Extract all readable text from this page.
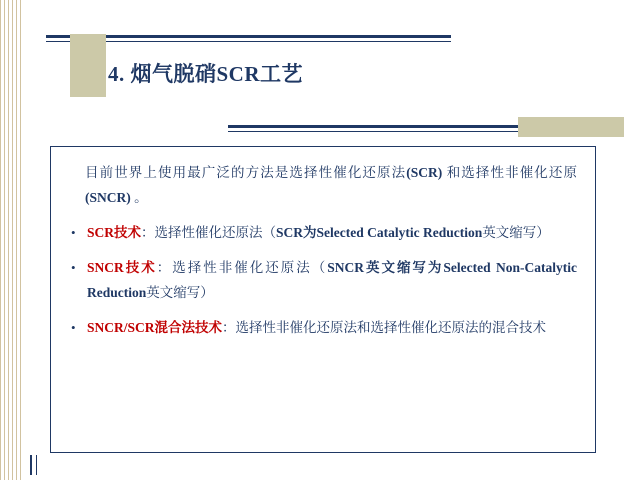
4. 烟气脱硝SCR工艺

目前世界上使用最广泛的方法是选择性催化还原法(SCR) 和选择性非催化还原(SNCR) 。

• SCR技术：选择性催化还原法（SCR为Selected Catalytic Reduction英文缩写）
• SNCR技术：选择性非催化还原法（SNCR英文缩写为Selected Non-Catalytic Reduction英文缩写）
• SNCR/SCR混合法技术：选择性非催化还原法和选择性催化还原法的混合技术
